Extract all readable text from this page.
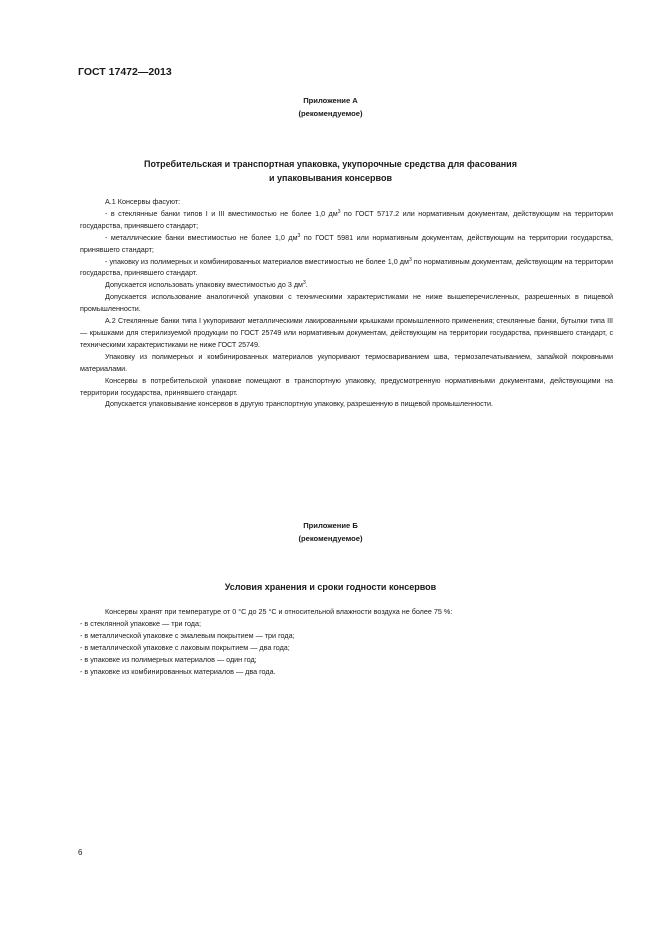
ГОСТ 17472—2013
Приложение А
(рекомендуемое)
Потребительская и транспортная упаковка, укупорочные средства для фасования
и упаковывания консервов

А.1 Консервы фасуют:

- в стеклянные банки типов I и III вместимостью не более 1,0 $дм^3$ по ГОСТ 5717.2 или нормативным документам, действующим на территории государства, принявшего стандарт;

- металлические банки вместимостью не более 1,0 $дм^3$ по ГОСТ 5981 или нормативным документам, действующим на территории государства, принявшего стандарт;

- упаковку из полимерных и комбинированных материалов вместимостью не более 1,0 $дм^3$ по нормативным документам, действующим на территории государства, принявшего стандарт.

Допускается использовать упаковку вместимостью до 3 $дм^3$.

Допускается использование аналогичной упаковки с техническими характеристиками не ниже вышеперечисленных, разрешенных в пищевой промышленности.

А.2 Стеклянные банки типа I укупоривают металлическими лакированными крышками промышленного применения; стеклянные банки, бутылки типа III — крышками для стерилизуемой продукции по ГОСТ 25749 или нормативным документам, действующим на территории государства, принявшего стандарт, с техническими характеристиками не ниже ГОСТ 25749.

Упаковку из полимерных и комбинированных материалов укупоривают термосвариванием шва, термозапечатыванием, запайкой покровными материалами.

Консервы в потребительской упаковке помещают в транспортную упаковку, предусмотренную нормативными документами, действующими на территории государства, принявшего стандарт.

Допускается упаковывание консервов в другую транспортную упаковку, разрешенную в пищевой промышленности.

Приложение Б
(рекомендуемое)
Условия хранения и сроки годности консервов

Консервы хранят при температуре от 0 °С до 25 °С и относительной влажности воздуха не более 75 %:

- в стеклянной упаковке — три года;

- в металлической упаковке с эмалевым покрытием — три года;

- в металлической упаковке с лаковым покрытием — два года;

- в упаковке из полимерных материалов — один год;

- в упаковке из комбинированных материалов — два года.

6
